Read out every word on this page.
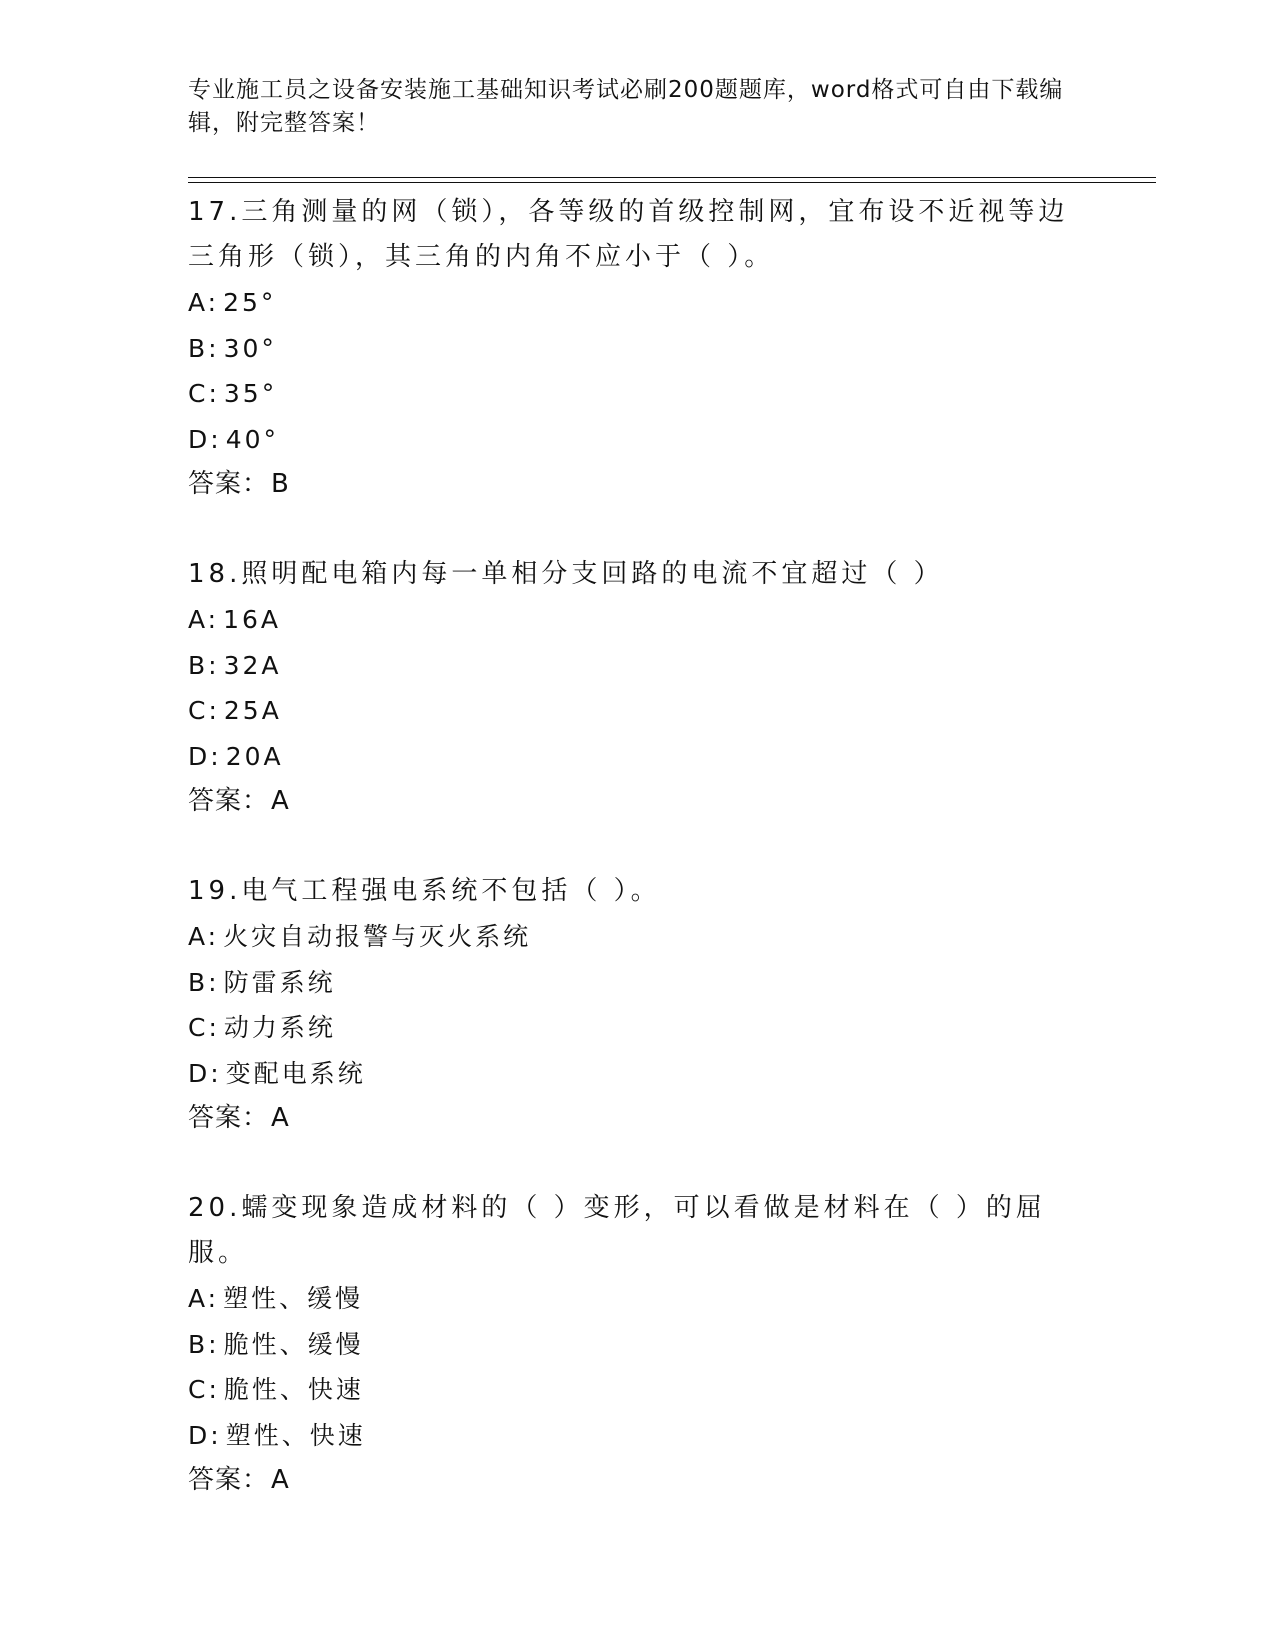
专业施工员之设备安装施工基础知识考试必刷200题题库，word格式可自由下载编辑，附完整答案！

17.三角测量的网（锁），各等级的首级控制网，宜布设不近视等边三角形（锁），其三角的内角不应小于（ ）。

A: 25°
B: 30°
C: 35°
D: 40°

答案：B

18.照明配电箱内每一单相分支回路的电流不宜超过（ ）

A: 16A
B: 32A
C: 25A
D: 20A

答案：A

19.电气工程强电系统不包括（ ）。

A: 火灾自动报警与灭火系统
B: 防雷系统
C: 动力系统
D: 变配电系统

答案：A

20.蠕变现象造成材料的（ ）变形，可以看做是材料在（ ）的屈服。

A: 塑性、缓慢
B: 脆性、缓慢
C: 脆性、快速
D: 塑性、快速

答案：A
